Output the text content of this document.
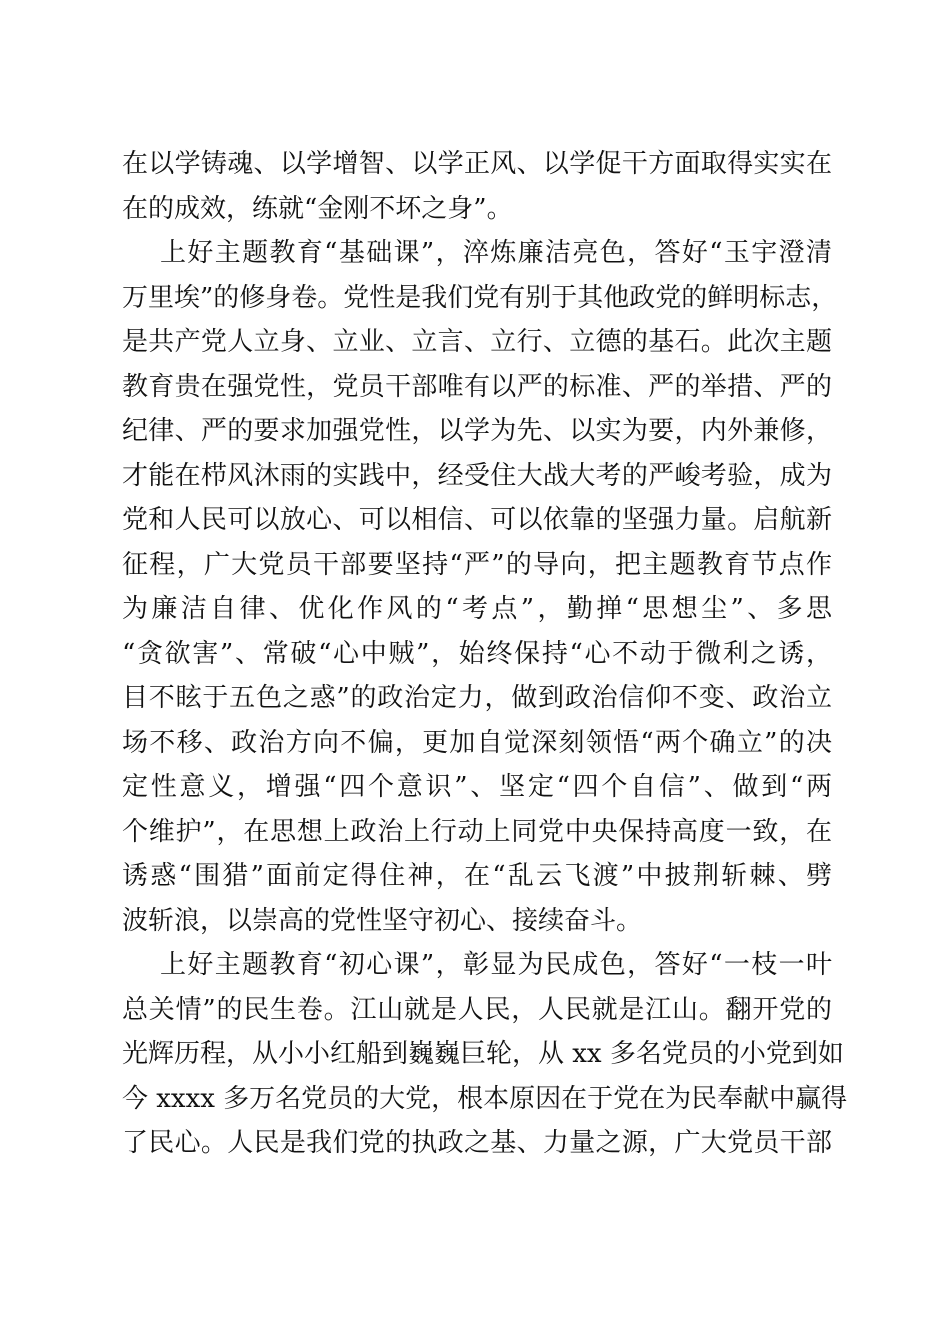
在以学铸魂、以学增智、以学正风、以学促干方面取得实实在
在的成效，练就“金刚不坏之身”。
上好主题教育“基础课”，淬炼廉洁亮色，答好“玉宇澄清
万里埃”的修身卷。党性是我们党有别于其他政党的鲜明标志，
是共产党人立身、立业、立言、立行、立德的基石。此次主题
教育贵在强党性，党员干部唯有以严的标准、严的举措、严的
纪律、严的要求加强党性，以学为先、以实为要，内外兼修，
才能在栉风沐雨的实践中，经受住大战大考的严峻考验，成为
党和人民可以放心、可以相信、可以依靠的坚强力量。启航新
征程，广大党员干部要坚持“严”的导向，把主题教育节点作
为廉洁自律、优化作风的“考点”，勤掸“思想尘”、多思
“贪欲害”、常破“心中贼”，始终保持“心不动于微利之诱，
目不眩于五色之惑”的政治定力，做到政治信仰不变、政治立
场不移、政治方向不偏，更加自觉深刻领悟“两个确立”的决
定性意义，增强“四个意识”、坚定“四个自信”、做到“两
个维护”，在思想上政治上行动上同党中央保持高度一致，在
诱惑“围猎”面前定得住神，在“乱云飞渡”中披荆斩棘、劈
波斩浪，以崇高的党性坚守初心、接续奋斗。
上好主题教育“初心课”，彰显为民成色，答好“一枝一叶
总关情”的民生卷。江山就是人民，人民就是江山。翻开党的
光辉历程，从小小红船到巍巍巨轮，从 xx 多名党员的小党到如
今 xxxx 多万名党员的大党，根本原因在于党在为民奉献中赢得
了民心。人民是我们党的执政之基、力量之源，广大党员干部
